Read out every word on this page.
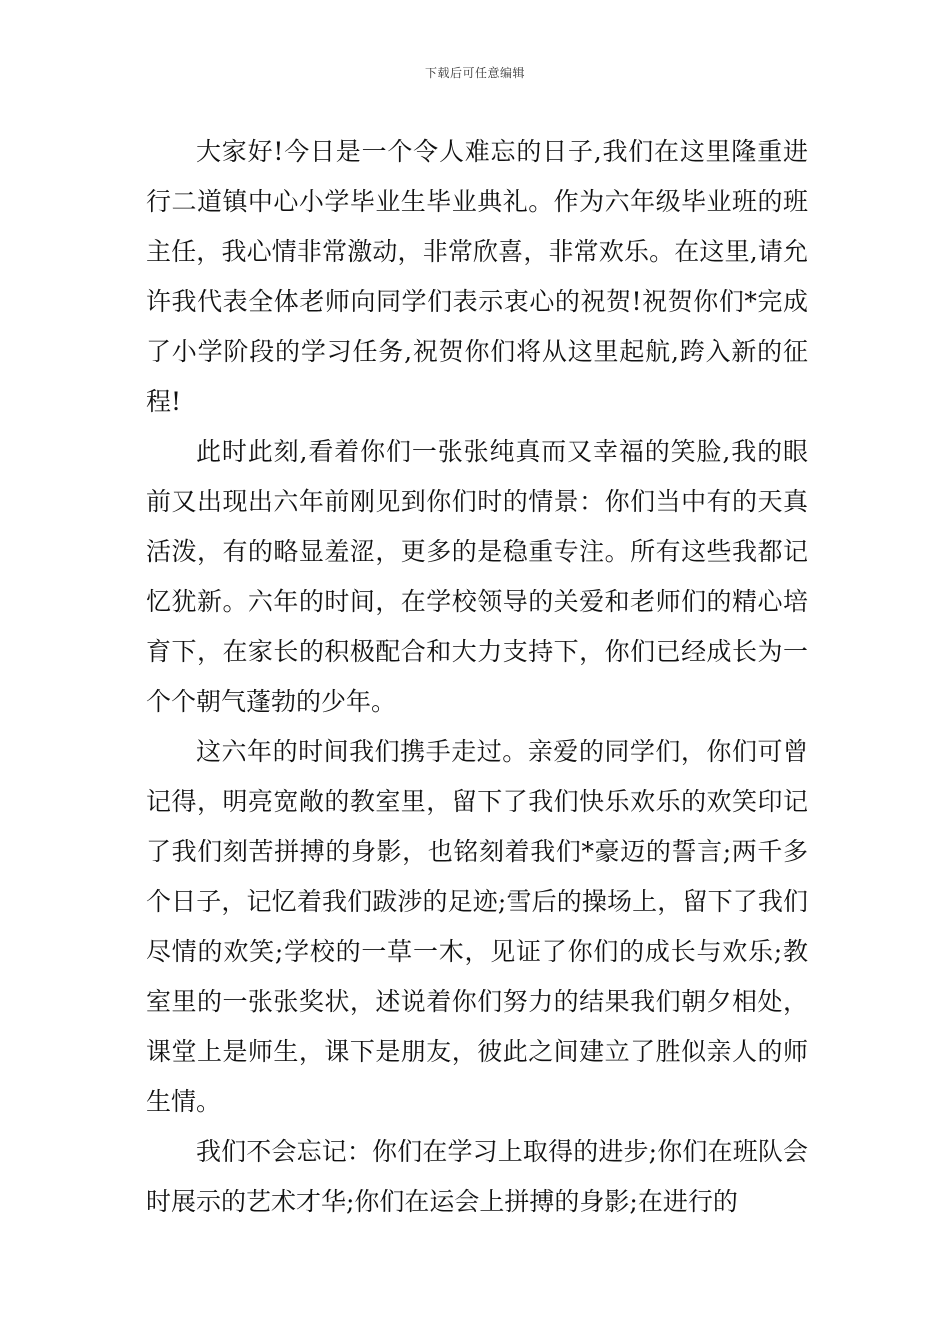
下载后可任意编辑

大家好!今日是一个令人难忘的日子,我们在这里隆重进行二道镇中心小学毕业生毕业典礼。作为六年级毕业班的班主任，我心情非常激动，非常欣喜，非常欢乐。在这里,请允许我代表全体老师向同学们表示衷心的祝贺!祝贺你们*完成了小学阶段的学习任务,祝贺你们将从这里起航,跨入新的征程!

此时此刻,看着你们一张张纯真而又幸福的笑脸,我的眼前又出现出六年前刚见到你们时的情景：你们当中有的天真活泼，有的略显羞涩，更多的是稳重专注。所有这些我都记忆犹新。六年的时间，在学校领导的关爱和老师们的精心培育下，在家长的积极配合和大力支持下，你们已经成长为一个个朝气蓬勃的少年。

这六年的时间我们携手走过。亲爱的同学们，你们可曾记得，明亮宽敞的教室里，留下了我们快乐欢乐的欢笑印记了我们刻苦拼搏的身影，也铭刻着我们*豪迈的誓言;两千多个日子，记忆着我们跋涉的足迹;雪后的操场上，留下了我们尽情的欢笑;学校的一草一木，见证了你们的成长与欢乐;教室里的一张张奖状，述说着你们努力的结果我们朝夕相处，课堂上是师生，课下是朋友，彼此之间建立了胜似亲人的师生情。

我们不会忘记：你们在学习上取得的进步;你们在班队会时展示的艺术才华;你们在运会上拼搏的身影;在进行的
